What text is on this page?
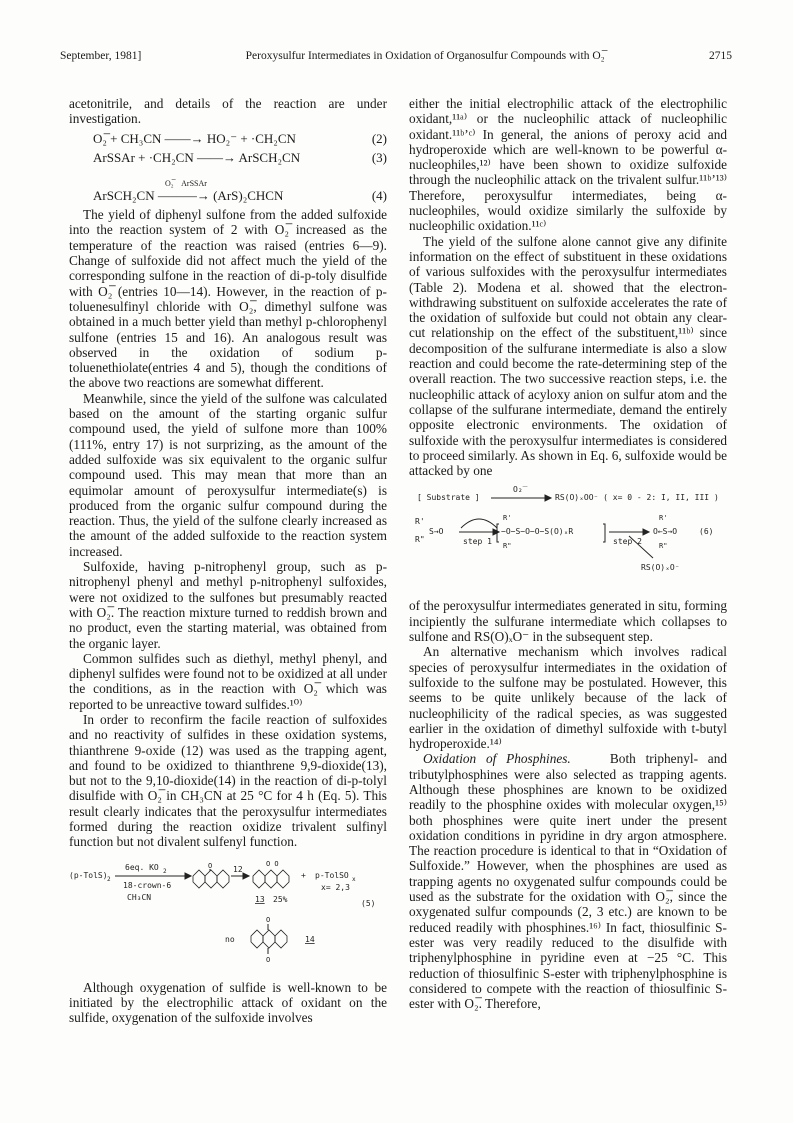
September, 1981]	Peroxysulfur Intermediates in Oxidation of Organosulfur Compounds with O₂̅	2715

acetonitrile, and details of the reaction are under investigation.

O₂̅ + CH₃CN ——→ HO₂⁻ + ·CH₂CN	(2)
ArSSAr + ·CH₂CN ——→ ArSCH₂CN	(3)
O₂̅    ArSSAr
ArSCH₂CN ———→ (ArS)₂CHCN	(4)

The yield of diphenyl sulfone from the added sulfoxide into the reaction system of 2 with O₂̅ increased as the temperature of the reaction was raised (entries 6—9). Change of sulfoxide did not affect much the yield of the corresponding sulfone in the reaction of di-p-toly disulfide with O₂̅ (entries 10—14). However, in the reaction of p-toluenesulfinyl chloride with O₂̅, dimethyl sulfone was obtained in a much better yield than methyl p-chlorophenyl sulfone (entries 15 and 16). An analogous result was observed in the oxidation of sodium p-toluenethiolate(entries 4 and 5), though the conditions of the above two reactions are somewhat different.

Meanwhile, since the yield of the sulfone was calculated based on the amount of the starting organic sulfur compound used, the yield of sulfone more than 100% (111%, entry 17) is not surprizing, as the amount of the added sulfoxide was six equivalent to the organic sulfur compound used. This may mean that more than an equimolar amount of peroxysulfur intermediate(s) is produced from the organic sulfur compound during the reaction. Thus, the yield of the sulfone clearly increased as the amount of the added sulfoxide to the reaction system increased.

Sulfoxide, having p-nitrophenyl group, such as p-nitrophenyl phenyl and methyl p-nitrophenyl sulfoxides, were not oxidized to the sulfones but presumably reacted with O₂̅. The reaction mixture turned to reddish brown and no product, even the starting material, was obtained from the organic layer.

Common sulfides such as diethyl, methyl phenyl, and diphenyl sulfides were found not to be oxidized at all under the conditions, as in the reaction with O₂̅ which was reported to be unreactive toward sulfides.¹⁰⁾

In order to reconfirm the facile reaction of sulfoxides and no reactivity of sulfides in these oxidation systems, thianthrene 9-oxide (12) was used as the trapping agent, and found to be oxidized to thianthrene 9,9-dioxide(13), but not to the 9,10-dioxide(14) in the reaction of di-p-tolyl disulfide with O₂̅ in CH₃CN at 25 °C for 4 h (Eq. 5). This result clearly indicates that the peroxysulfur intermediates formed during the reaction oxidize trivalent sulfinyl function but not divalent sulfenyl function.

(p-TolS) 2
6eq. KO 2
18-crown-6
CH₃CN
O	12
O O
+ p-TolSO x
x= 2,3
13 25%	(5)
no
O
O
14

Although oxygenation of sulfide is well-known to be initiated by the electrophilic attack of oxidant on the sulfide, oxygenation of the sulfoxide involves

either the initial electrophilic attack of the electrophilic oxidant,¹¹ᵃ⁾ or the nucleophilic attack of nucleophilic oxidant.¹¹ᵇʼᶜ⁾ In general, the anions of peroxy acid and hydroperoxide which are well-known to be powerful α-nucleophiles,¹²⁾ have been shown to oxidize sulfoxide through the nucleophilic attack on the trivalent sulfur.¹¹ᵇʼ¹³⁾ Therefore, peroxysulfur intermediates, being α-nucleophiles, would oxidize similarly the sulfoxide by nucleophilic oxidation.¹¹ᶜ⁾

The yield of the sulfone alone cannot give any difinite information on the effect of substituent in these oxidations of various sulfoxides with the peroxysulfur intermediates (Table 2). Modena et al. showed that the electron-withdrawing substituent on sulfoxide accelerates the rate of the oxidation of sulfoxide but could not obtain any clear-cut relationship on the effect of the substituent,¹¹ᵇ⁾ since decomposition of the sulfurane intermediate is also a slow reaction and could become the rate-determining step of the overall reaction. The two successive reaction steps, i.e. the nucleophilic attack of acyloxy anion on sulfur atom and the collapse of the sulfurane intermediate, demand the entirely opposite electronic environments. The oxidation of sulfoxide with the peroxysulfur intermediates is considered to proceed similarly. As shown in Eq. 6, sulfoxide would be attacked by one

[ Substrate ]
O₂̅
RS(O)ₓOO⁻ ( x= 0 - 2: I, II, III )
R'
R"
S→O
step 1
R'
−O−S−O−O−S(O)ₓR
R"	step 2
R'
O←S→O
R"
(6)
RS(O)ₓO⁻

of the peroxysulfur intermediates generated in situ, forming incipiently the sulfurane intermediate which collapses to sulfone and RS(O)ₓO⁻ in the subsequent step.

An alternative mechanism which involves radical species of peroxysulfur intermediates in the oxidation of sulfoxide to the sulfone may be postulated. However, this seems to be quite unlikely because of the lack of nucleophilicity of the radical species, as was suggested earlier in the oxidation of dimethyl sulfoxide with t-butyl hydroperoxide.¹⁴⁾

Oxidation of Phosphines.	Both triphenyl- and tributylphosphines were also selected as trapping agents. Although these phosphines are known to be oxidized readily to the phosphine oxides with molecular oxygen,¹⁵⁾ both phosphines were quite inert under the present oxidation conditions in pyridine in dry argon atmosphere. The reaction procedure is identical to that in “Oxidation of Sulfoxide.” However, when the phosphines are used as trapping agents no oxygenated sulfur compounds could be used as the substrate for the oxidation with O₂̅, since the oxygenated sulfur compounds (2, 3 etc.) are known to be reduced readily with phosphines.¹⁶⁾ In fact, thiosulfinic S-ester was very readily reduced to the disulfide with triphenylphosphine in pyridine even at −25 °C. This reduction of thiosulfinic S-ester with triphenylphosphine is considered to compete with the reaction of thiosulfinic S-ester with O₂̅. Therefore,
